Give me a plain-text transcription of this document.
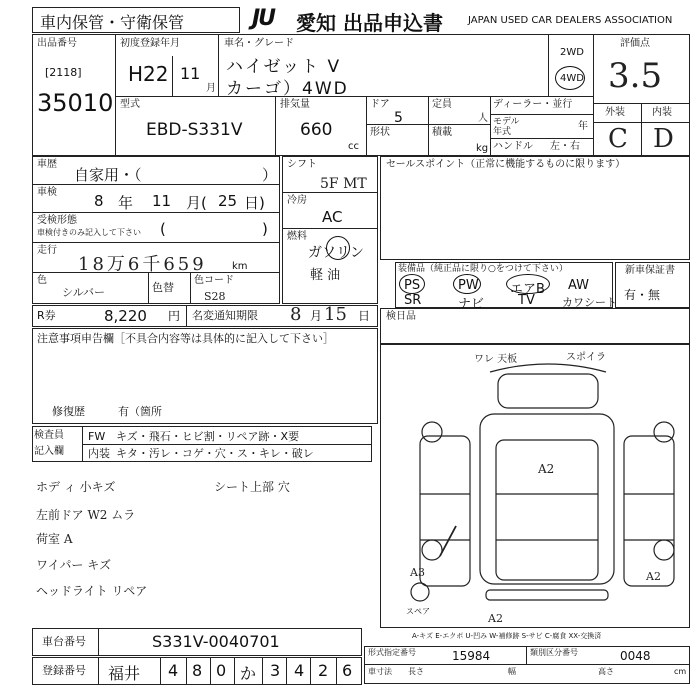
車内保管・守衛保管	JU 愛知 出品申込書	JAPAN USED CAR DEALERS ASSOCIATION
出品番号
[2118]
35010
初度登録年月
H22 11
月
車名・グレード
ハイゼット V
カーゴ）4WD
2WD
4WD
評価点
3.5
外装	内装
C D
型式
EBD-S331V
排気量
660
cc
ドア
5
形状
定員
人
積載
kg
ディーラー・並行
モデル
年式	年
ハンドル 左・右
車歴
自家用・（	）
車検 8 年 11 月( 25 日)
受検形態
車検付きのみ記入して下さい (	)
走行
18万6千659	km
色
シルバー	色替
色コード
S28
シフト
5F MT
冷房
AC
燃料
ガソリン
軽 油
セールスポイント（正常に機能するものに限ります）
装備品（純正品に限り○をつけて下さい）
PS	PW エアB AW
SR	ナビ	TV カワシート
新車保証書
有・無
R券	8,220 円 名変通知期限 8 月 15 日 検日品
注意事項申告欄［不具合内容等は具体的に記入して下さい］
修復歴	有（箇所
検査員
記入欄
FW キズ・飛石・ヒビ割・リペア跡・X要
内装 キタ・汚レ・コゲ・穴・ス・キレ・破レ
ホデ ィ 小キズ	シート上部 穴
左前ドア W2 ムラ
荷室 A
ワイパー キズ
ヘッドライト リペア
ワレ 天板	スポイラ
A2
A3	A2
A2
スペア
A-キズ E-エクボ U-凹み W-補修跡 S-サビ C-腐食 XX-交換済
車台番号	S331V-0040701
登録番号 福井 4 8 0 か 3 4 2 6
形式指定番号	15984	類別区分番号	0048
車寸法 長さ	幅	高さ	cm
